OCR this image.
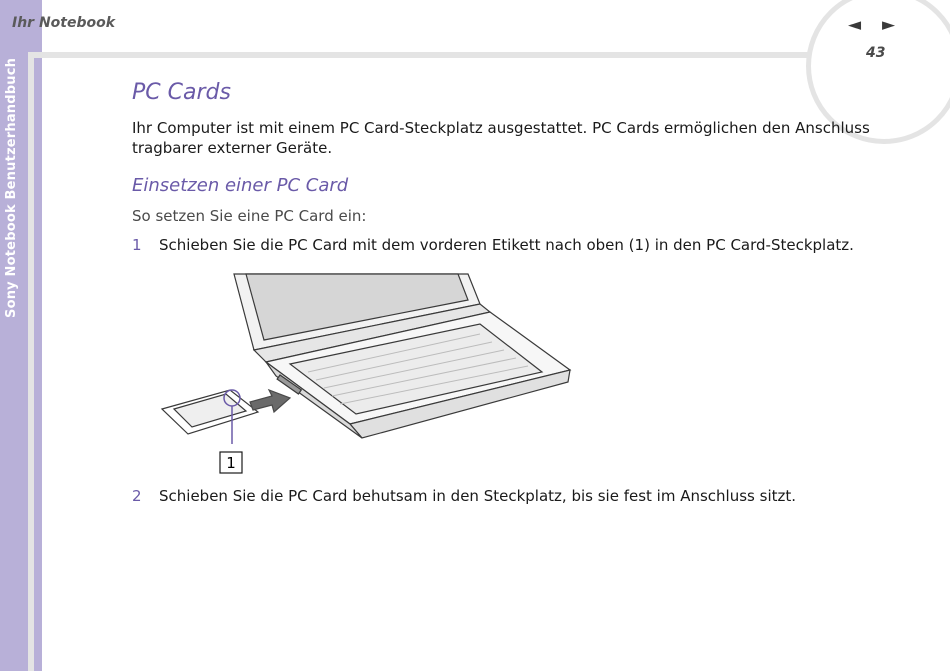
Sony Notebook Benutzerhandbuch
Ihr Notebook	◄ ►
43
PC Cards

Ihr Computer ist mit einem PC Card-Steckplatz ausgestattet. PC Cards ermöglichen den Anschluss tragbarer externer Geräte.

Einsetzen einer PC Card

So setzen Sie eine PC Card ein:

1 Schieben Sie die PC Card mit dem vorderen Etikett nach oben (1) in den PC Card-Steckplatz.
1
2 Schieben Sie die PC Card behutsam in den Steckplatz, bis sie fest im Anschluss sitzt.
